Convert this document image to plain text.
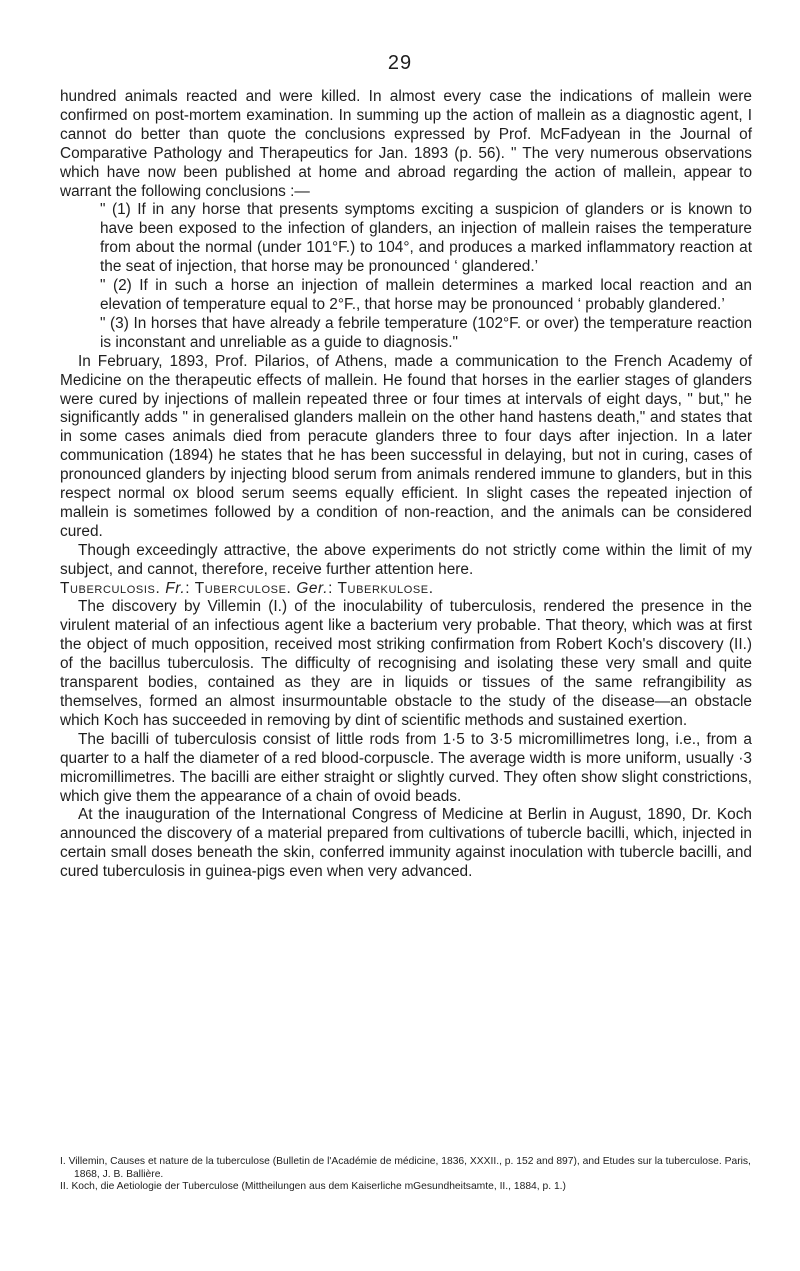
29

hundred animals reacted and were killed. In almost every case the indications of mallein were confirmed on post-mortem examination. In summing up the action of mallein as a diagnostic agent, I cannot do better than quote the conclusions expressed by Prof. McFadyean in the Journal of Comparative Pathology and Therapeutics for Jan. 1893 (p. 56). " The very numerous observations which have now been published at home and abroad regarding the action of mallein, appear to warrant the following conclusions :—

" (1) If in any horse that presents symptoms exciting a suspicion of glanders or is known to have been exposed to the infection of glanders, an injection of mallein raises the temperature from about the normal (under 101°F.) to 104°, and produces a marked inflammatory reaction at the seat of injection, that horse may be pronounced ‘ glandered.’

" (2) If in such a horse an injection of mallein determines a marked local reaction and an elevation of temperature equal to 2°F., that horse may be pronounced ‘ probably glandered.’

" (3) In horses that have already a febrile temperature (102°F. or over) the temperature reaction is inconstant and unreliable as a guide to diagnosis."

In February, 1893, Prof. Pilarios, of Athens, made a communication to the French Academy of Medicine on the therapeutic effects of mallein. He found that horses in the earlier stages of glanders were cured by injections of mallein repeated three or four times at intervals of eight days, " but," he significantly adds " in generalised glanders mallein on the other hand hastens death," and states that in some cases animals died from peracute glanders three to four days after injection. In a later communication (1894) he states that he has been successful in delaying, but not in curing, cases of pronounced glanders by injecting blood serum from animals rendered immune to glanders, but in this respect normal ox blood serum seems equally efficient. In slight cases the repeated injection of mallein is sometimes followed by a condition of non-reaction, and the animals can be considered cured.

Though exceedingly attractive, the above experiments do not strictly come within the limit of my subject, and cannot, therefore, receive further attention here.

Tuberculosis. Fr.: Tuberculose. Ger.: Tuberkulose.

The discovery by Villemin (I.) of the inoculability of tuberculosis, rendered the presence in the virulent material of an infectious agent like a bacterium very probable. That theory, which was at first the object of much opposition, received most striking confirmation from Robert Koch's discovery (II.) of the bacillus tuberculosis. The difficulty of recognising and isolating these very small and quite transparent bodies, contained as they are in liquids or tissues of the same refrangibility as themselves, formed an almost insurmountable obstacle to the study of the disease—an obstacle which Koch has succeeded in removing by dint of scientific methods and sustained exertion.

The bacilli of tuberculosis consist of little rods from 1·5 to 3·5 micromillimetres long, i.e., from a quarter to a half the diameter of a red blood-corpuscle. The average width is more uniform, usually ·3 micromillimetres. The bacilli are either straight or slightly curved. They often show slight constrictions, which give them the appearance of a chain of ovoid beads.

At the inauguration of the International Congress of Medicine at Berlin in August, 1890, Dr. Koch announced the discovery of a material prepared from cultivations of tubercle bacilli, which, injected in certain small doses beneath the skin, conferred immunity against inoculation with tubercle bacilli, and cured tuberculosis in guinea-pigs even when very advanced.

I. Villemin, Causes et nature de la tuberculose (Bulletin de l'Académie de médicine, 1836, XXXII., p. 152 and 897), and Etudes sur la tuberculose. Paris, 1868, J. B. Ballière.

II. Koch, die Aetiologie der Tuberculose (Mittheilungen aus dem Kaiserliche mGesundheitsamte, II., 1884, p. 1.)
